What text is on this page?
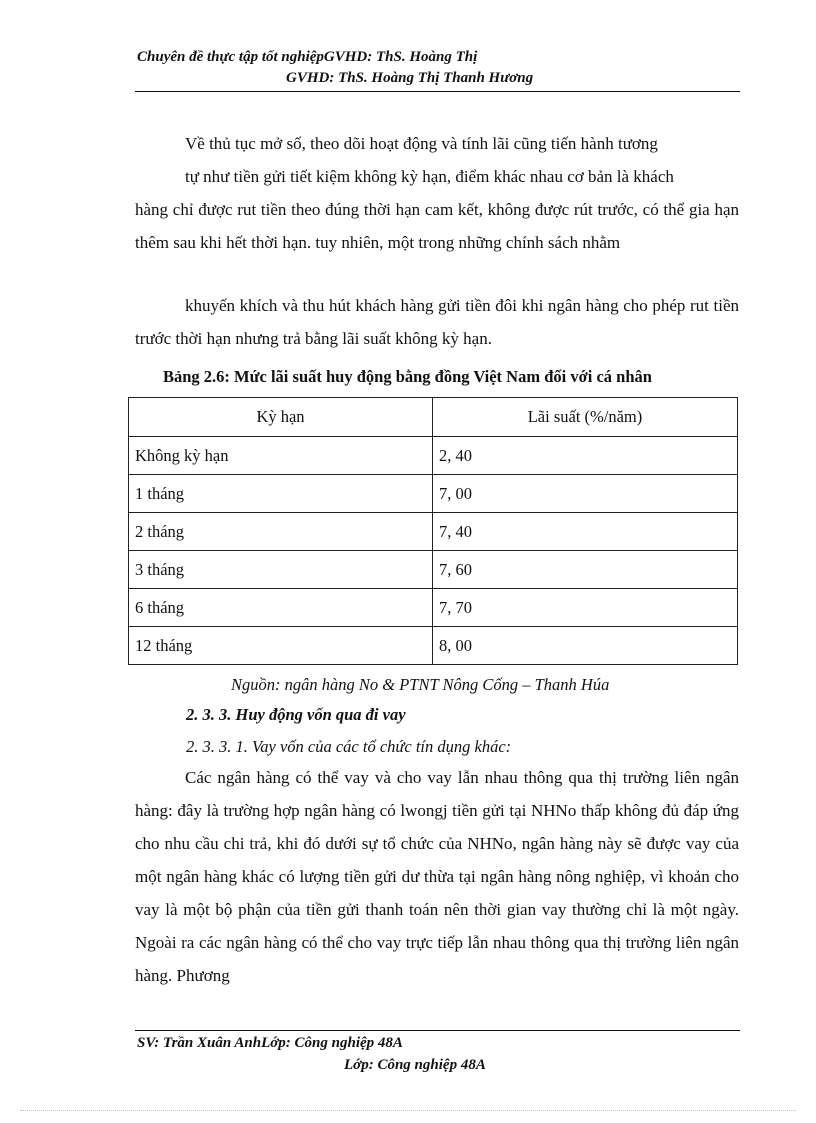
Chuyên đề thực tập tốt nghiệpGVHD: ThS. Hoàng Thị
GVHD: ThS. Hoàng Thị Thanh Hương

Về thủ tục mở số, theo dõi hoạt động và tính lãi cũng tiến hành tương

tự như tiền gửi tiết kiệm không kỳ hạn, điểm khác nhau cơ bản là khách

hàng chỉ được rut tiền theo đúng thời hạn cam kết, không được rút trước, có thể gia hạn thêm sau khi hết thời hạn. tuy nhiên, một trong những chính sách nhằm

khuyến khích và thu hút khách hàng gửi tiền đôi khi ngân hàng cho phép rut tiền trước thời hạn nhưng trả bằng lãi suất không kỳ hạn.

Bảng 2.6: Mức lãi suất huy động bằng đồng Việt Nam đối với cá nhân
Kỳ hạn	Lãi suất (%/năm)
Không kỳ hạn	2, 40
1 tháng	7, 00
2 tháng	7, 40
3 tháng	7, 60
6 tháng	7, 70
12 tháng	8, 00
Nguồn: ngân hàng No & PTNT Nông Cống – Thanh Húa
2. 3. 3. Huy động vốn qua đi vay
2. 3. 3. 1. Vay vốn của các tổ chức tín dụng khác:

Các ngân hàng có thể vay và cho vay lẫn nhau thông qua thị trường liên ngân hàng: đây là trường hợp ngân hàng có lwongj tiền gửi tại NHNo thấp không đủ đáp ứng cho nhu cầu chi trả, khi đó dưới sự tổ chức của NHNo, ngân hàng này sẽ được vay của một ngân hàng khác có lượng tiền gửi dư thừa tại ngân hàng nông nghiệp, vì khoản cho vay là một bộ phận của tiền gửi thanh toán nên thời gian vay thường chỉ là một ngày. Ngoài ra các ngân hàng có thể cho vay trực tiếp lẫn nhau thông qua thị trường liên ngân hàng. Phương

SV: Trần Xuân AnhLớp: Công nghiệp 48A
Lớp: Công nghiệp 48A
